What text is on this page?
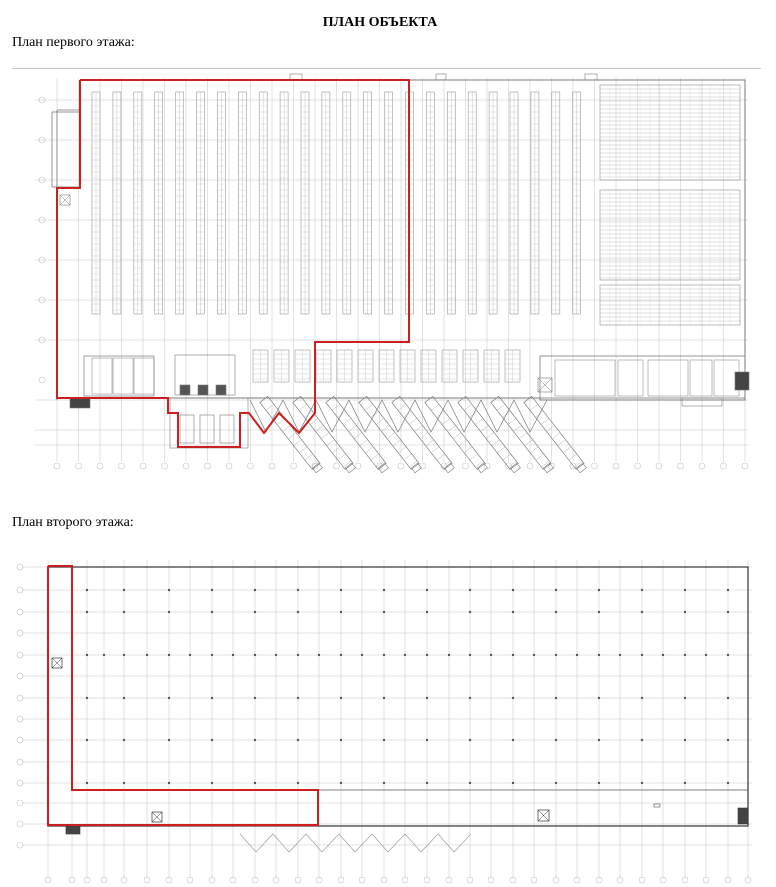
ПЛАН ОБЪЕКТА
План первого этажа:
План второго этажа:
